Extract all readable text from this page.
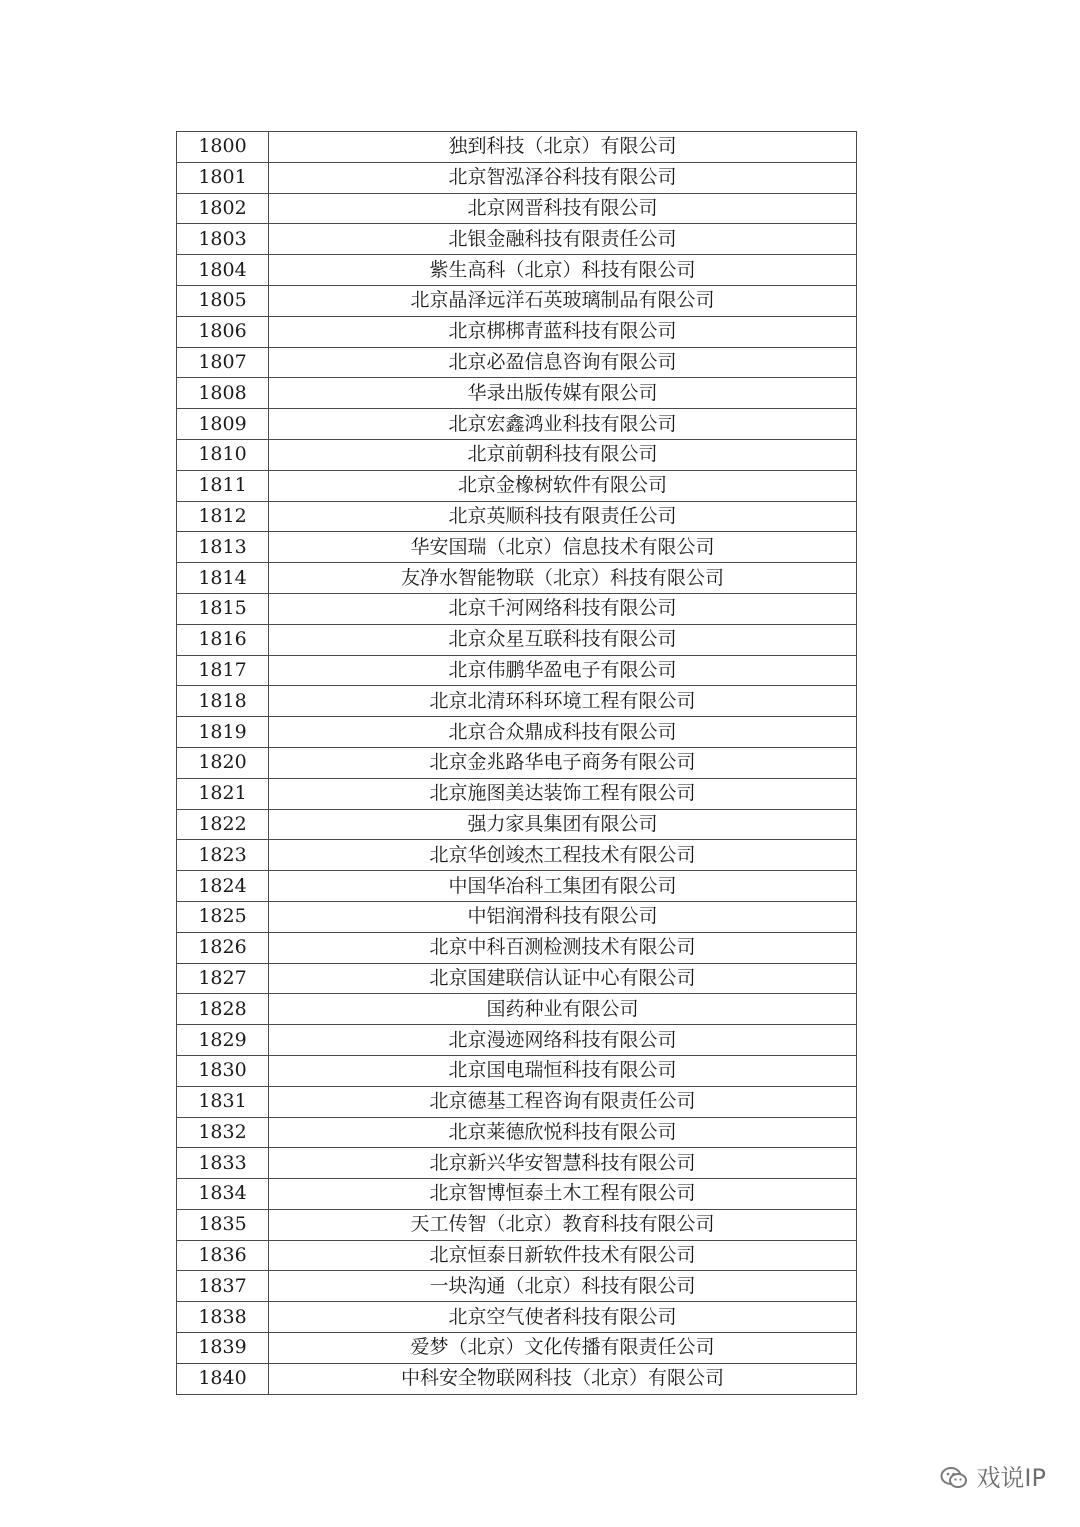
1800	独到科技（北京）有限公司
1801	北京智泓泽谷科技有限公司
1802	北京网晋科技有限公司
1803	北银金融科技有限责任公司
1804	紫生高科（北京）科技有限公司
1805	北京晶泽远洋石英玻璃制品有限公司
1806	北京梆梆青蓝科技有限公司
1807	北京必盈信息咨询有限公司
1808	华录出版传媒有限公司
1809	北京宏鑫鸿业科技有限公司
1810	北京前朝科技有限公司
1811	北京金橡树软件有限公司
1812	北京英顺科技有限责任公司
1813	华安国瑞（北京）信息技术有限公司
1814	友净水智能物联（北京）科技有限公司
1815	北京千河网络科技有限公司
1816	北京众星互联科技有限公司
1817	北京伟鹏华盈电子有限公司
1818	北京北清环科环境工程有限公司
1819	北京合众鼎成科技有限公司
1820	北京金兆路华电子商务有限公司
1821	北京施图美达装饰工程有限公司
1822	强力家具集团有限公司
1823	北京华创竣杰工程技术有限公司
1824	中国华冶科工集团有限公司
1825	中铝润滑科技有限公司
1826	北京中科百测检测技术有限公司
1827	北京国建联信认证中心有限公司
1828	国药种业有限公司
1829	北京漫迹网络科技有限公司
1830	北京国电瑞恒科技有限公司
1831	北京德基工程咨询有限责任公司
1832	北京莱德欣悦科技有限公司
1833	北京新兴华安智慧科技有限公司
1834	北京智博恒泰土木工程有限公司
1835	天工传智（北京）教育科技有限公司
1836	北京恒泰日新软件技术有限公司
1837	一块沟通（北京）科技有限公司
1838	北京空气使者科技有限公司
1839	爱梦（北京）文化传播有限责任公司
1840	中科安全物联网科技（北京）有限公司
戏说IP
